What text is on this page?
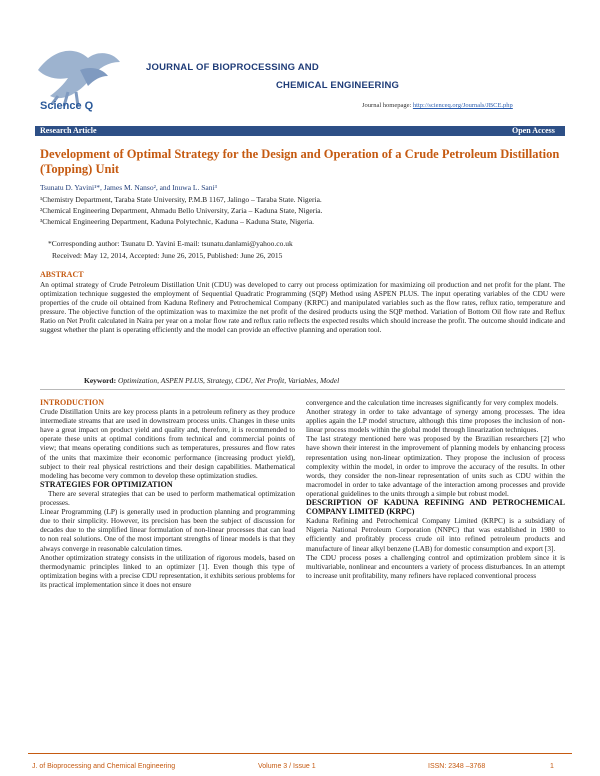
Science Q
JOURNAL OF BIOPROCESSING AND
CHEMICAL ENGINEERING
Journal homepage: http://scienceq.org/Journals/JBCE.php
Research Article	Open Access
Development of Optimal Strategy for the Design and Operation of a Crude Petroleum Distillation (Topping) Unit
Tsunatu D. Yavini¹*, James M. Nanso², and Inuwa L. Sani³
¹Chemistry Department, Taraba State University, P.M.B 1167, Jalingo – Taraba State. Nigeria.
²Chemical Engineering Department, Ahmadu Bello University, Zaria – Kaduna State, Nigeria.
³Chemical Engineering Department, Kaduna Polytechnic, Kaduna – Kaduna State, Nigeria.
*Corresponding author: Tsunatu D. Yavini E-mail: tsunatu.danlami@yahoo.co.uk
Received: May 12, 2014, Accepted: June 26, 2015, Published: June 26, 2015
ABSTRACT
An optimal strategy of Crude Petroleum Distillation Unit (CDU) was developed to carry out process optimization for maximizing oil production and net profit for the plant. The optimization technique suggested the employment of Sequential Quadratic Programming (SQP) Method using ASPEN PLUS. The input operating variables of the CDU were properties of the crude oil obtained from Kaduna Refinery and Petrochemical Company (KRPC) and manipulated variables such as the flow rates, reflux ratio, temperature and pressure. The objective function of the optimization was to maximize the net profit of the desired products using the SQP method. Variation of Bottom Oil flow rate and Reflux Ratio on Net Profit calculated in Naira per year on a molar flow rate and reflux ratio reflects the expected results which should increase the profit. The outcome should indicate and suggest whether the plant is operating efficiently and the model can provide an effective planning and operation tool.
Keyword: Optimization, ASPEN PLUS, Strategy, CDU, Net Profit, Variables, Model

INTRODUCTION

Crude Distillation Units are key process plants in a petroleum refinery as they produce intermediate streams that are used in downstream process units. Changes in these units have a great impact on product yield and quality and, therefore, it is recommended to operate these units at optimal conditions from technical and commercial points of view; that means operating conditions such as temperatures, pressures and flow rates of the units that maximize their economic performance (increasing product yield), subject to their real physical restrictions and their design capabilities. Mathematical modeling has become very common to develop these optimization studies.

STRATEGIES FOR OPTIMIZATION

There are several strategies that can be used to perform mathematical optimization processes.

Linear Programming (LP) is generally used in production planning and programming due to their simplicity. However, its precision has been the subject of discussion for decades due to the simplified linear formulation of non-linear processes that can lead to non real solutions. One of the most important strengths of linear models is that they always converge in reasonable calculation times.

Another optimization strategy consists in the utilization of rigorous models, based on thermodynamic principles linked to an optimizer [1]. Even though this type of optimization begins with a precise CDU representation, it exhibits serious problems for its practical implementation since it does not ensure

convergence and the calculation time increases significantly for very complex models.

Another strategy in order to take advantage of synergy among processes. The idea applies again the LP model structure, although this time proposes the inclusion of non-linear process models within the global model through linearization techniques.

The last strategy mentioned here was proposed by the Brazilian researchers [2] who have shown their interest in the improvement of planning models by enhancing process representation using non-linear optimization. They propose the inclusion of process complexity within the model, in order to improve the accuracy of the results. In other words, they consider the non-linear representation of units such as CDU within the macromodel in order to take advantage of the interaction among processes and provide operational guidelines to the units through a simple but robust model.

DESCRIPTION OF KADUNA REFINING AND PETROCHEMICAL COMPANY LIMITED (KRPC)

Kaduna Refining and Petrochemical Company Limited (KRPC) is a subsidiary of Nigeria National Petroleum Corporation (NNPC) that was established in 1980 to efficiently and profitably process crude oil into refined petroleum products and manufacture of linear alkyl benzene (LAB) for domestic consumption and export [3].

The CDU process poses a challenging control and optimization problem since it is multivariable, nonlinear and encounters a variety of process disturbances. In an attempt to increase unit profitability, many refiners have replaced conventional process

J. of Bioprocessing and Chemical Engineering	Volume 3 / Issue 1	ISSN: 2348 –3768	1
